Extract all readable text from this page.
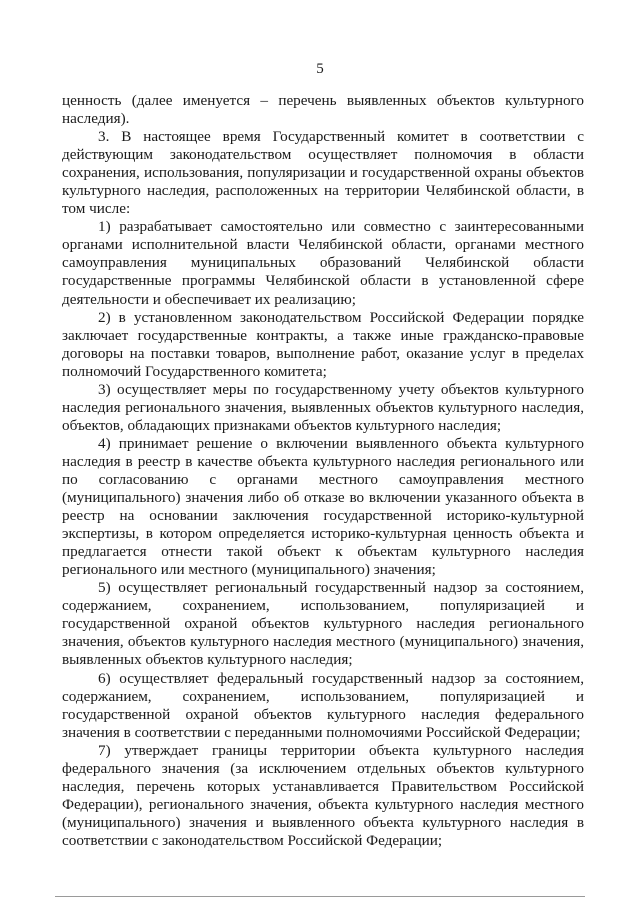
5

ценность (далее именуется – перечень выявленных объектов культурного наследия).

3. В настоящее время Государственный комитет в соответствии с действующим законодательством осуществляет полномочия в области сохранения, использования, популяризации и государственной охраны объектов культурного наследия, расположенных на территории Челябинской области, в том числе:

1) разрабатывает самостоятельно или совместно с заинтересованными органами исполнительной власти Челябинской области, органами местного самоуправления муниципальных образований Челябинской области государственные программы Челябинской области в установленной сфере деятельности и обеспечивает их реализацию;

2) в установленном законодательством Российской Федерации порядке заключает государственные контракты, а также иные гражданско-правовые договоры на поставки товаров, выполнение работ, оказание услуг в пределах полномочий Государственного комитета;

3) осуществляет меры по государственному учету объектов культурного наследия регионального значения, выявленных объектов культурного наследия, объектов, обладающих признаками объектов культурного наследия;

4) принимает решение о включении выявленного объекта культурного наследия в реестр в качестве объекта культурного наследия регионального или по согласованию с органами местного самоуправления местного (муниципального) значения либо об отказе во включении указанного объекта в реестр на основании заключения государственной историко-культурной экспертизы, в котором определяется историко-культурная ценность объекта и предлагается отнести такой объект к объектам культурного наследия регионального или местного (муниципального) значения;

5) осуществляет региональный государственный надзор за состоянием, содержанием, сохранением, использованием, популяризацией и государственной охраной объектов культурного наследия регионального значения, объектов культурного наследия местного (муниципального) значения, выявленных объектов культурного наследия;

6) осуществляет федеральный государственный надзор за состоянием, содержанием, сохранением, использованием, популяризацией и государственной охраной объектов культурного наследия федерального значения в соответствии с переданными полномочиями Российской Федерации;

7) утверждает границы территории объекта культурного наследия федерального значения (за исключением отдельных объектов культурного наследия, перечень которых устанавливается Правительством Российской Федерации), регионального значения, объекта культурного наследия местного (муниципального) значения и выявленного объекта культурного наследия в соответствии с законодательством Российской Федерации;
